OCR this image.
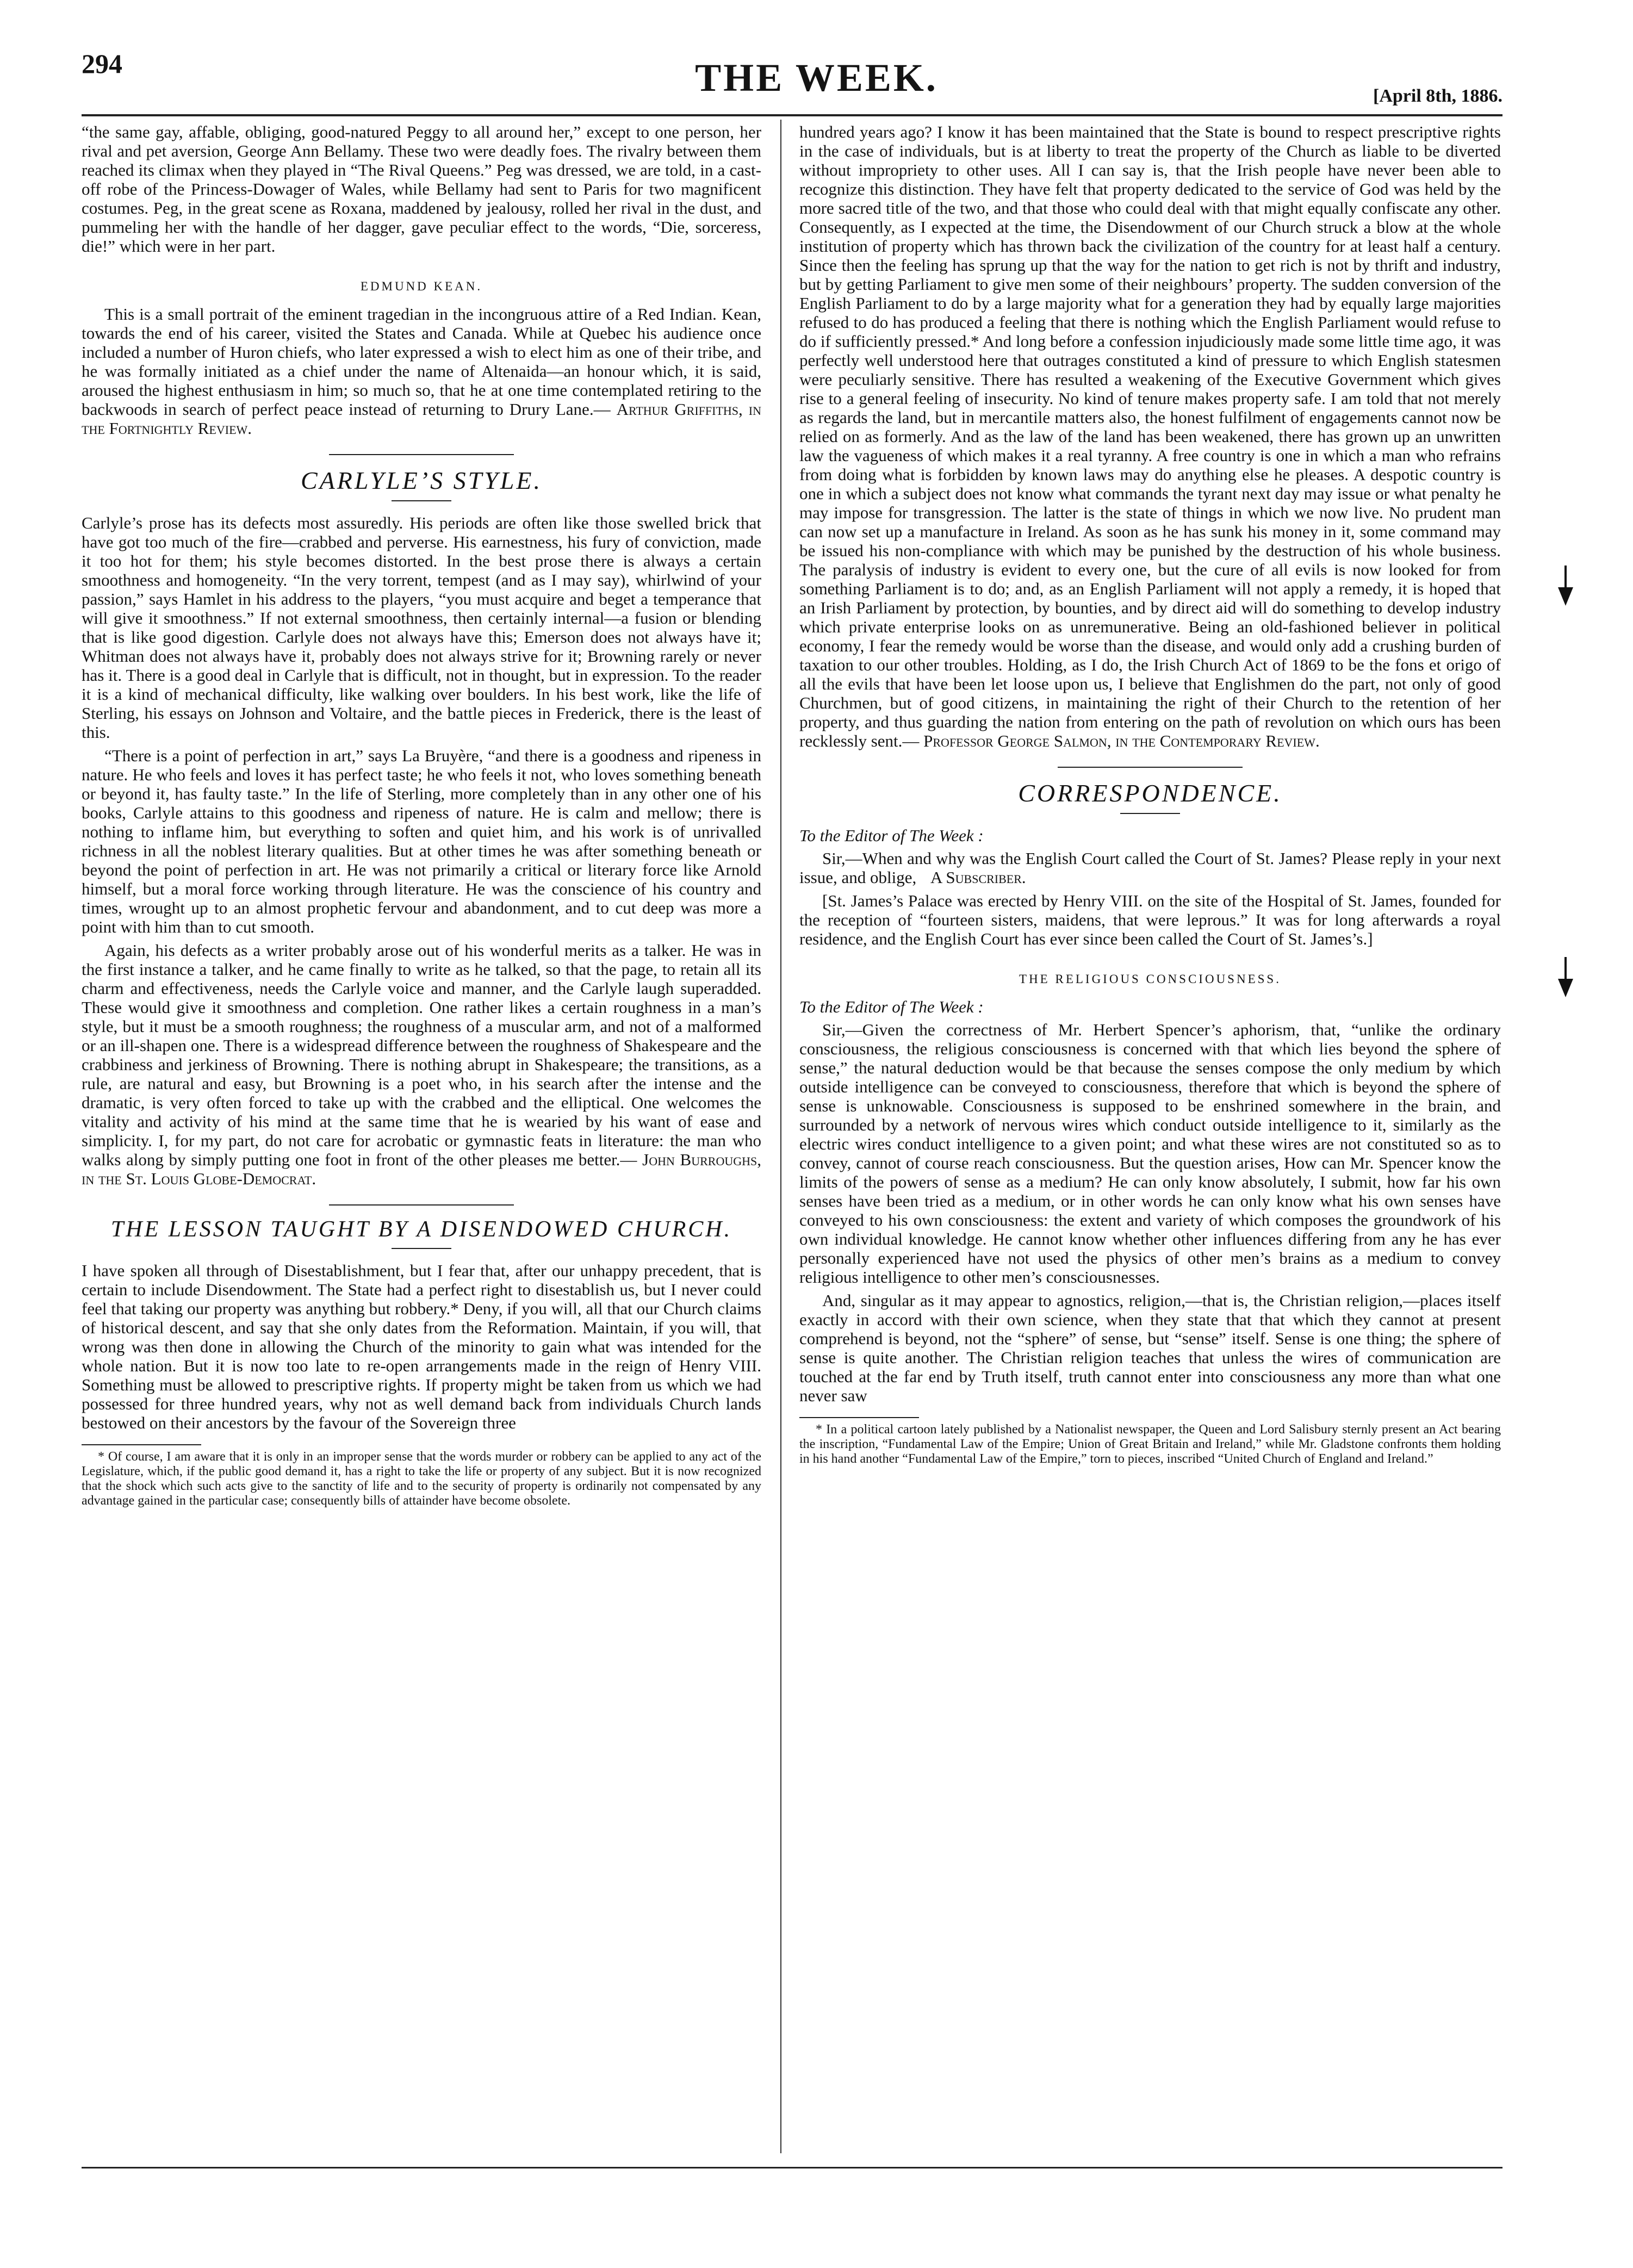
294	THE WEEK.	[April 8th, 1886.

“the same gay, affable, obliging, good-natured Peggy to all around her,” except to one person, her rival and pet aversion, George Ann Bellamy. These two were deadly foes. The rivalry between them reached its climax when they played in “The Rival Queens.” Peg was dressed, we are told, in a cast-off robe of the Princess-Dowager of Wales, while Bellamy had sent to Paris for two magnificent costumes. Peg, in the great scene as Roxana, maddened by jealousy, rolled her rival in the dust, and pummeling her with the handle of her dagger, gave peculiar effect to the words, “Die, sorceress, die!” which were in her part.

EDMUND KEAN.

This is a small portrait of the eminent tragedian in the incongruous attire of a Red Indian. Kean, towards the end of his career, visited the States and Canada. While at Quebec his audience once included a number of Huron chiefs, who later expressed a wish to elect him as one of their tribe, and he was formally initiated as a chief under the name of Altenaida—an honour which, it is said, aroused the highest enthusiasm in him; so much so, that he at one time contemplated retiring to the backwoods in search of perfect peace instead of returning to Drury Lane.— Arthur Griffiths, in the Fortnightly Review.

CARLYLE’S STYLE.

Carlyle’s prose has its defects most assuredly. His periods are often like those swelled brick that have got too much of the fire—crabbed and perverse. His earnestness, his fury of conviction, made it too hot for them; his style becomes distorted. In the best prose there is always a certain smoothness and homogeneity. “In the very torrent, tempest (and as I may say), whirlwind of your passion,” says Hamlet in his address to the players, “you must acquire and beget a temperance that will give it smoothness.” If not external smoothness, then certainly internal—a fusion or blending that is like good digestion. Carlyle does not always have this; Emerson does not always have it; Whitman does not always have it, probably does not always strive for it; Browning rarely or never has it. There is a good deal in Carlyle that is difficult, not in thought, but in expression. To the reader it is a kind of mechanical difficulty, like walking over boulders. In his best work, like the life of Sterling, his essays on Johnson and Voltaire, and the battle pieces in Frederick, there is the least of this.

“There is a point of perfection in art,” says La Bruyère, “and there is a goodness and ripeness in nature. He who feels and loves it has perfect taste; he who feels it not, who loves something beneath or beyond it, has faulty taste.” In the life of Sterling, more completely than in any other one of his books, Carlyle attains to this goodness and ripeness of nature. He is calm and mellow; there is nothing to inflame him, but everything to soften and quiet him, and his work is of unrivalled richness in all the noblest literary qualities. But at other times he was after something beneath or beyond the point of perfection in art. He was not primarily a critical or literary force like Arnold himself, but a moral force working through literature. He was the conscience of his country and times, wrought up to an almost prophetic fervour and abandonment, and to cut deep was more a point with him than to cut smooth.

Again, his defects as a writer probably arose out of his wonderful merits as a talker. He was in the first instance a talker, and he came finally to write as he talked, so that the page, to retain all its charm and effectiveness, needs the Carlyle voice and manner, and the Carlyle laugh superadded. These would give it smoothness and completion. One rather likes a certain roughness in a man’s style, but it must be a smooth roughness; the roughness of a muscular arm, and not of a malformed or an ill-shapen one. There is a widespread difference between the roughness of Shakespeare and the crabbiness and jerkiness of Browning. There is nothing abrupt in Shakespeare; the transitions, as a rule, are natural and easy, but Browning is a poet who, in his search after the intense and the dramatic, is very often forced to take up with the crabbed and the elliptical. One welcomes the vitality and activity of his mind at the same time that he is wearied by his want of ease and simplicity. I, for my part, do not care for acrobatic or gymnastic feats in literature: the man who walks along by simply putting one foot in front of the other pleases me better.— John Burroughs, in the St. Louis Globe-Democrat.

THE LESSON TAUGHT BY A DISENDOWED CHURCH.

I have spoken all through of Disestablishment, but I fear that, after our unhappy precedent, that is certain to include Disendowment. The State had a perfect right to disestablish us, but I never could feel that taking our property was anything but robbery.* Deny, if you will, all that our Church claims of historical descent, and say that she only dates from the Reformation. Maintain, if you will, that wrong was then done in allowing the Church of the minority to gain what was intended for the whole nation. But it is now too late to re-open arrangements made in the reign of Henry VIII. Something must be allowed to prescriptive rights. If property might be taken from us which we had possessed for three hundred years, why not as well demand back from individuals Church lands bestowed on their ancestors by the favour of the Sovereign three

* Of course, I am aware that it is only in an improper sense that the words murder or robbery can be applied to any act of the Legislature, which, if the public good demand it, has a right to take the life or property of any subject. But it is now recognized that the shock which such acts give to the sanctity of life and to the security of property is ordinarily not compensated by any advantage gained in the particular case; consequently bills of attainder have become obsolete.

hundred years ago? I know it has been maintained that the State is bound to respect prescriptive rights in the case of individuals, but is at liberty to treat the property of the Church as liable to be diverted without impropriety to other uses. All I can say is, that the Irish people have never been able to recognize this distinction. They have felt that property dedicated to the service of God was held by the more sacred title of the two, and that those who could deal with that might equally confiscate any other. Consequently, as I expected at the time, the Disendowment of our Church struck a blow at the whole institution of property which has thrown back the civilization of the country for at least half a century. Since then the feeling has sprung up that the way for the nation to get rich is not by thrift and industry, but by getting Parliament to give men some of their neighbours’ property. The sudden conversion of the English Parliament to do by a large majority what for a generation they had by equally large majorities refused to do has produced a feeling that there is nothing which the English Parliament would refuse to do if sufficiently pressed.* And long before a confession injudiciously made some little time ago, it was perfectly well understood here that outrages constituted a kind of pressure to which English statesmen were peculiarly sensitive. There has resulted a weakening of the Executive Government which gives rise to a general feeling of insecurity. No kind of tenure makes property safe. I am told that not merely as regards the land, but in mercantile matters also, the honest fulfilment of engagements cannot now be relied on as formerly. And as the law of the land has been weakened, there has grown up an unwritten law the vagueness of which makes it a real tyranny. A free country is one in which a man who refrains from doing what is forbidden by known laws may do anything else he pleases. A despotic country is one in which a subject does not know what commands the tyrant next day may issue or what penalty he may impose for transgression. The latter is the state of things in which we now live. No prudent man can now set up a manufacture in Ireland. As soon as he has sunk his money in it, some command may be issued his non-compliance with which may be punished by the destruction of his whole business. The paralysis of industry is evident to every one, but the cure of all evils is now looked for from something Parliament is to do; and, as an English Parliament will not apply a remedy, it is hoped that an Irish Parliament by protection, by bounties, and by direct aid will do something to develop industry which private enterprise looks on as unremunerative. Being an old-fashioned believer in political economy, I fear the remedy would be worse than the disease, and would only add a crushing burden of taxation to our other troubles. Holding, as I do, the Irish Church Act of 1869 to be the fons et origo of all the evils that have been let loose upon us, I believe that Englishmen do the part, not only of good Churchmen, but of good citizens, in maintaining the right of their Church to the retention of her property, and thus guarding the nation from entering on the path of revolution on which ours has been recklessly sent.— Professor George Salmon, in the Contemporary Review.

CORRESPONDENCE.
To the Editor of The Week :

Sir,—When and why was the English Court called the Court of St. James? Please reply in your next issue, and oblige, A Subscriber.

[St. James’s Palace was erected by Henry VIII. on the site of the Hospital of St. James, founded for the reception of “fourteen sisters, maidens, that were leprous.” It was for long afterwards a royal residence, and the English Court has ever since been called the Court of St. James’s.]

THE RELIGIOUS CONSCIOUSNESS.
To the Editor of The Week :

Sir,—Given the correctness of Mr. Herbert Spencer’s aphorism, that, “unlike the ordinary consciousness, the religious consciousness is concerned with that which lies beyond the sphere of sense,” the natural deduction would be that because the senses compose the only medium by which outside intelligence can be conveyed to consciousness, therefore that which is beyond the sphere of sense is unknowable. Consciousness is supposed to be enshrined somewhere in the brain, and surrounded by a network of nervous wires which conduct outside intelligence to it, similarly as the electric wires conduct intelligence to a given point; and what these wires are not constituted so as to convey, cannot of course reach consciousness. But the question arises, How can Mr. Spencer know the limits of the powers of sense as a medium? He can only know absolutely, I submit, how far his own senses have been tried as a medium, or in other words he can only know what his own senses have conveyed to his own consciousness: the extent and variety of which composes the groundwork of his own individual knowledge. He cannot know whether other influences differing from any he has ever personally experienced have not used the physics of other men’s brains as a medium to convey religious intelligence to other men’s consciousnesses.

And, singular as it may appear to agnostics, religion,—that is, the Christian religion,—places itself exactly in accord with their own science, when they state that that which they cannot at present comprehend is beyond, not the “sphere” of sense, but “sense” itself. Sense is one thing; the sphere of sense is quite another. The Christian religion teaches that unless the wires of communication are touched at the far end by Truth itself, truth cannot enter into consciousness any more than what one never saw

* In a political cartoon lately published by a Nationalist newspaper, the Queen and Lord Salisbury sternly present an Act bearing the inscription, “Fundamental Law of the Empire; Union of Great Britain and Ireland,” while Mr. Gladstone confronts them holding in his hand another “Fundamental Law of the Empire,” torn to pieces, inscribed “United Church of England and Ireland.”
